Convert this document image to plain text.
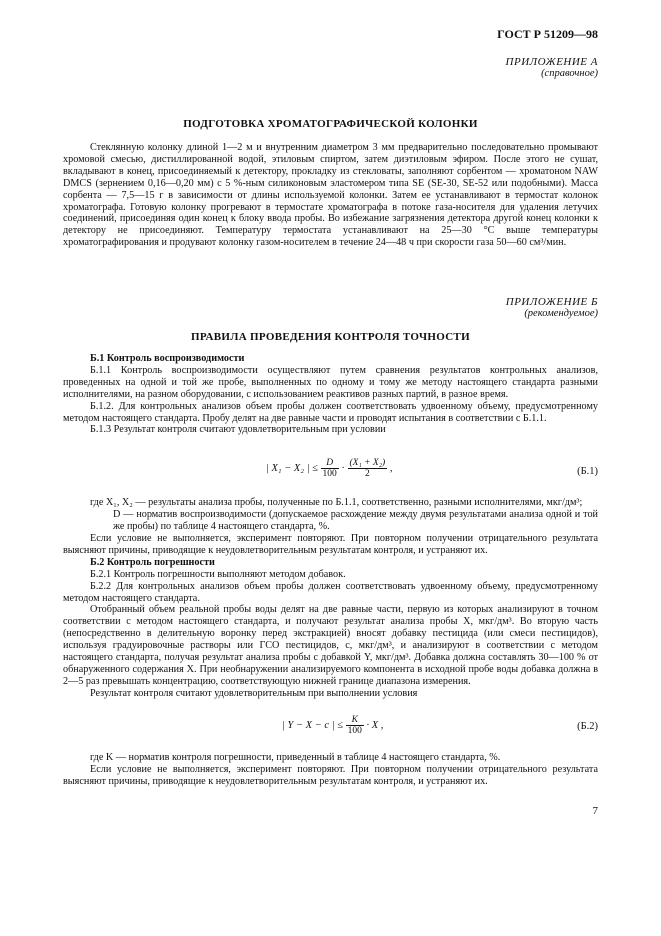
ГОСТ Р 51209—98
ПРИЛОЖЕНИЕ А
(справочное)
ПОДГОТОВКА ХРОМАТОГРАФИЧЕСКОЙ КОЛОНКИ

Стеклянную колонку длиной 1—2 м и внутренним диаметром 3 мм предварительно последовательно промывают хромовой смесью, дистиллированной водой, этиловым спиртом, затем диэтиловым эфиром. После этого не сушат, вкладывают в конец, присоединяемый к детектору, прокладку из стекловаты, заполняют сорбентом — хроматоном NAW DMCS (зернением 0,16—0,20 мм) с 5 %-ным силиконовым эластомером типа SE (SE-30, SE-52 или подобными). Масса сорбента — 7,5—15 г в зависимости от длины используемой колонки. Затем ее устанавливают в термостат колонок хроматографа. Готовую колонку прогревают в термостате хроматографа в потоке газа-носителя для удаления летучих соединений, присоединяя один конец к блоку ввода пробы. Во избежание загрязнения детектора другой конец колонки к детектору не присоединяют. Температуру термостата устанавливают на 25—30 °С выше температуры хроматографирования и продувают колонку газом-носителем в течение 24—48 ч при скорости газа 50—60 см³/мин.

ПРИЛОЖЕНИЕ Б
(рекомендуемое)
ПРАВИЛА ПРОВЕДЕНИЯ КОНТРОЛЯ ТОЧНОСТИ

Б.1 Контроль воспроизводимости

Б.1.1 Контроль воспроизводимости осуществляют путем сравнения результатов контрольных анализов, проведенных на одной и той же пробе, выполненных по одному и тому же методу настоящего стандарта разными исполнителями, на разном оборудовании, с использованием реактивов разных партий, в разное время.

Б.1.2. Для контрольных анализов объем пробы должен соответствовать удвоенному объему, предусмотренному методом настоящего стандарта. Пробу делят на две равные части и проводят испытания в соответствии с Б.1.1.

Б.1.3 Результат контроля считают удовлетворительным при условии

| X₁ − X₂ | ≤ $\frac{D}{100} \cdot \frac{\text{(X₁ + X₂)}}{2}$ ,	(Б.1)
где X₁, X₂ — результаты анализа пробы, полученные по Б.1.1, соответственно, разными исполнителями, мкг/дм³;
D — норматив воспроизводимости (допускаемое расхождение между двумя результатами анализа одной и той же пробы) по таблице 4 настоящего стандарта, %.

Если условие не выполняется, эксперимент повторяют. При повторном получении отрицательного результата выясняют причины, приводящие к неудовлетворительным результатам контроля, и устраняют их.

Б.2 Контроль погрешности

Б.2.1 Контроль погрешности выполняют методом добавок.

Б.2.2 Для контрольных анализов объем пробы должен соответствовать удвоенному объему, предусмотренному методом настоящего стандарта.

Отобранный объем реальной пробы воды делят на две равные части, первую из которых анализируют в точном соответствии с методом настоящего стандарта, и получают результат анализа пробы X, мкг/дм³. Во вторую часть (непосредственно в делительную воронку перед экстракцией) вносят добавку пестицида (или смеси пестицидов), используя градуировочные растворы или ГСО пестицидов, c, мкг/дм³, и анализируют в соответствии с методом настоящего стандарта, получая результат анализа пробы с добавкой Y, мкг/дм³. Добавка должна составлять 30—100 % от обнаруженного содержания X. При необнаружении анализируемого компонента в исходной пробе воды добавка должна в 2—5 раз превышать концентрацию, соответствующую нижней границе диапазона измерения.

Результат контроля считают удовлетворительным при выполнении условия

| Y − X − c | ≤ $\frac{K}{100} \cdot X$ ,	(Б.2)

где K — норматив контроля погрешности, приведенный в таблице 4 настоящего стандарта, %.

Если условие не выполняется, эксперимент повторяют. При повторном получении отрицательного результата выясняют причины, приводящие к неудовлетворительным результатам контроля, и устраняют их.

7
